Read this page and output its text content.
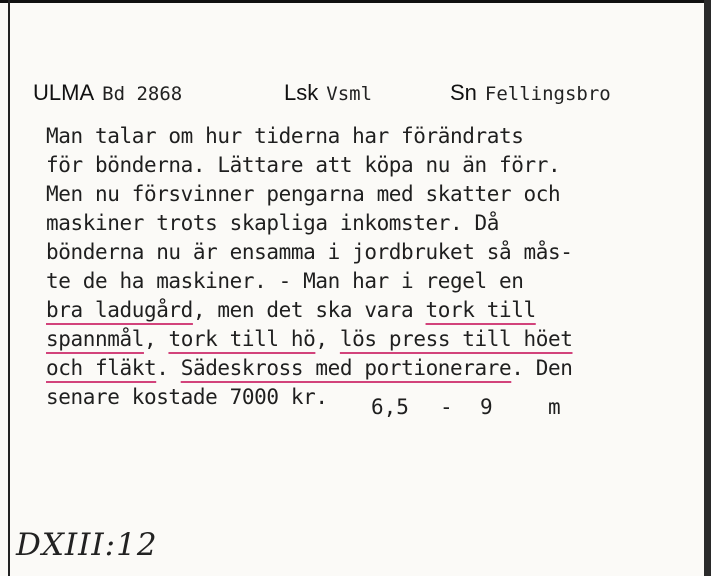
ULMA Bd 2868	Lsk Vsml	Sn Fellingsbro
Man talar om hur tiderna har förändrats
för bönderna. Lättare att köpa nu än förr.
Men nu försvinner pengarna med skatter och
maskiner trots skapliga inkomster. Då
bönderna nu är ensamma i jordbruket så mås-
te de ha maskiner. - Man har i regel en
bra ladugård, men det ska vara tork till
spannmål, tork till hö, lös press till höet
och fläkt. Sädeskross med portionerare. Den
senare kostade 7000 kr.	6,5 - 9	m
DXIII:12
